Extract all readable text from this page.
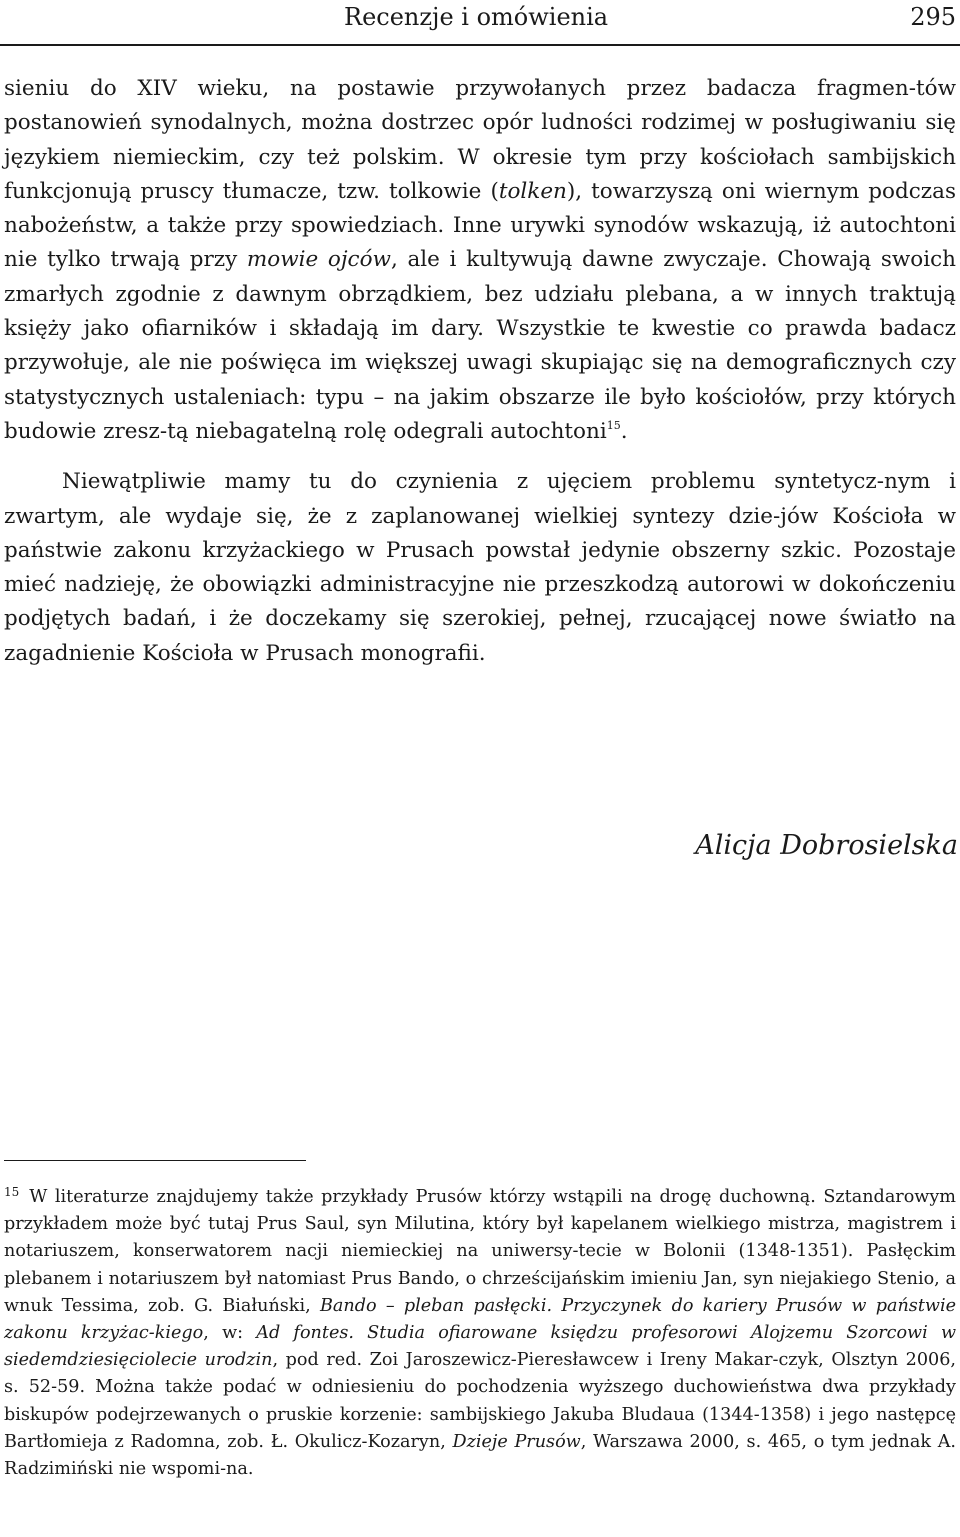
Recenzje i omówienia	295

sieniu do XIV wieku, na postawie przywołanych przez badacza fragmen-tów postanowień synodalnych, można dostrzec opór ludności rodzimej w posługiwaniu się językiem niemieckim, czy też polskim. W okresie tym przy kościołach sambijskich funkcjonują pruscy tłumacze, tzw. tolkowie (tolken), towarzyszą oni wiernym podczas nabożeństw, a także przy spowiedziach. Inne urywki synodów wskazują, iż autochtoni nie tylko trwają przy mowie ojców, ale i kultywują dawne zwyczaje. Chowają swoich zmarłych zgodnie z dawnym obrządkiem, bez udziału plebana, a w innych traktują księży jako ofiarników i składają im dary. Wszystkie te kwestie co prawda badacz przywołuje, ale nie poświęca im większej uwagi skupiając się na demograficznych czy statystycznych ustaleniach: typu – na jakim obszarze ile było kościołów, przy których budowie zresz-tą niebagatelną rolę odegrali autochtoni$^{15}$.

Niewątpliwie mamy tu do czynienia z ujęciem problemu syntetycz-nym i zwartym, ale wydaje się, że z zaplanowanej wielkiej syntezy dzie-jów Kościoła w państwie zakonu krzyżackiego w Prusach powstał jedynie obszerny szkic. Pozostaje mieć nadzieję, że obowiązki administracyjne nie przeszkodzą autorowi w dokończeniu podjętych badań, i że doczekamy się szerokiej, pełnej, rzucającej nowe światło na zagadnienie Kościoła w Prusach monografii.

Alicja Dobrosielska
$^{15}$ W literaturze znajdujemy także przykłady Prusów którzy wstąpili na drogę duchowną. Sztandarowym przykładem może być tutaj Prus Saul, syn Milutina, który był kapelanem wielkiego mistrza, magistrem i notariuszem, konserwatorem nacji niemieckiej na uniwersy-tecie w Bolonii (1348-1351). Pasłęckim plebanem i notariuszem był natomiast Prus Bando, o chrześcijańskim imieniu Jan, syn niejakiego Stenio, a wnuk Tessima, zob. G. Białuński, Bando – pleban pasłęcki. Przyczynek do kariery Prusów w państwie zakonu krzyżac-kiego, w: Ad fontes. Studia ofiarowane księdzu profesorowi Alojzemu Szorcowi w siedemdziesięciolecie urodzin, pod red. Zoi Jaroszewicz-Pieresławcew i Ireny Makar-czyk, Olsztyn 2006, s. 52-59. Można także podać w odniesieniu do pochodzenia wyższego duchowieństwa dwa przykłady biskupów podejrzewanych o pruskie korzenie: sambijskiego Jakuba Bludaua (1344-1358) i jego następcę Bartłomieja z Radomna, zob. Ł. Okulicz-Kozaryn, Dzieje Prusów, Warszawa 2000, s. 465, o tym jednak A. Radzimiński nie wspomi-na.
